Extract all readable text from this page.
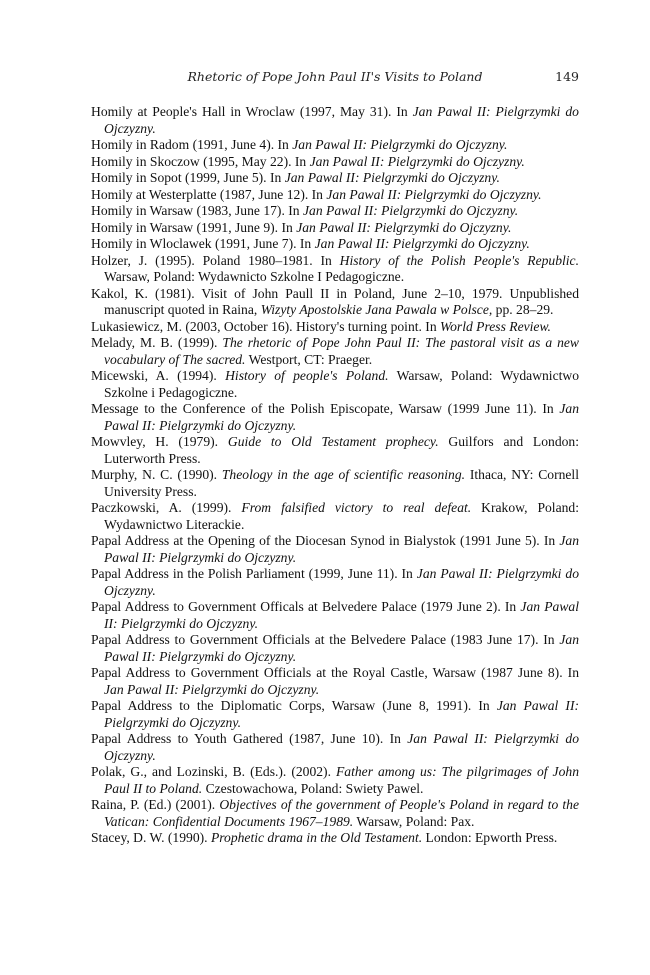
Rhetoric of Pope John Paul II's Visits to Poland	149

Homily at People's Hall in Wroclaw (1997, May 31). In Jan Pawal II: Pielgrzymki do Ojczyzny.

Homily in Radom (1991, June 4). In Jan Pawal II: Pielgrzymki do Ojczyzny.

Homily in Skoczow (1995, May 22). In Jan Pawal II: Pielgrzymki do Ojczyzny.

Homily in Sopot (1999, June 5). In Jan Pawal II: Pielgrzymki do Ojczyzny.

Homily at Westerplatte (1987, June 12). In Jan Pawal II: Pielgrzymki do Ojczyzny.

Homily in Warsaw (1983, June 17). In Jan Pawal II: Pielgrzymki do Ojczyzny.

Homily in Warsaw (1991, June 9). In Jan Pawal II: Pielgrzymki do Ojczyzny.

Homily in Wloclawek (1991, June 7). In Jan Pawal II: Pielgrzymki do Ojczyzny.

Holzer, J. (1995). Poland 1980–1981. In History of the Polish People's Republic. Warsaw, Poland: Wydawnicto Szkolne I Pedagogiczne.

Kakol, K. (1981). Visit of John Paull II in Poland, June 2–10, 1979. Unpublished manuscript quoted in Raina, Wizyty Apostolskie Jana Pawala w Polsce, pp. 28–29.

Lukasiewicz, M. (2003, October 16). History's turning point. In World Press Review.

Melady, M. B. (1999). The rhetoric of Pope John Paul II: The pastoral visit as a new vocabulary of The sacred. Westport, CT: Praeger.

Micewski, A. (1994). History of people's Poland. Warsaw, Poland: Wydawnictwo Szkolne i Pedagogiczne.

Message to the Conference of the Polish Episcopate, Warsaw (1999 June 11). In Jan Pawal II: Pielgrzymki do Ojczyzny.

Mowvley, H. (1979). Guide to Old Testament prophecy. Guilfors and London: Luterworth Press.

Murphy, N. C. (1990). Theology in the age of scientific reasoning. Ithaca, NY: Cornell University Press.

Paczkowski, A. (1999). From falsified victory to real defeat. Krakow, Poland: Wydawnictwo Literackie.

Papal Address at the Opening of the Diocesan Synod in Bialystok (1991 June 5). In Jan Pawal II: Pielgrzymki do Ojczyzny.

Papal Address in the Polish Parliament (1999, June 11). In Jan Pawal II: Pielgrzymki do Ojczyzny.

Papal Address to Government Officals at Belvedere Palace (1979 June 2). In Jan Pawal II: Pielgrzymki do Ojczyzny.

Papal Address to Government Officials at the Belvedere Palace (1983 June 17). In Jan Pawal II: Pielgrzymki do Ojczyzny.

Papal Address to Government Officials at the Royal Castle, Warsaw (1987 June 8). In Jan Pawal II: Pielgrzymki do Ojczyzny.

Papal Address to the Diplomatic Corps, Warsaw (June 8, 1991). In Jan Pawal II: Pielgrzymki do Ojczyzny.

Papal Address to Youth Gathered (1987, June 10). In Jan Pawal II: Pielgrzymki do Ojczyzny.

Polak, G., and Lozinski, B. (Eds.). (2002). Father among us: The pilgrimages of John Paul II to Poland. Czestowachowa, Poland: Swiety Pawel.

Raina, P. (Ed.) (2001). Objectives of the government of People's Poland in regard to the Vatican: Confidential Documents 1967–1989. Warsaw, Poland: Pax.

Stacey, D. W. (1990). Prophetic drama in the Old Testament. London: Epworth Press.
